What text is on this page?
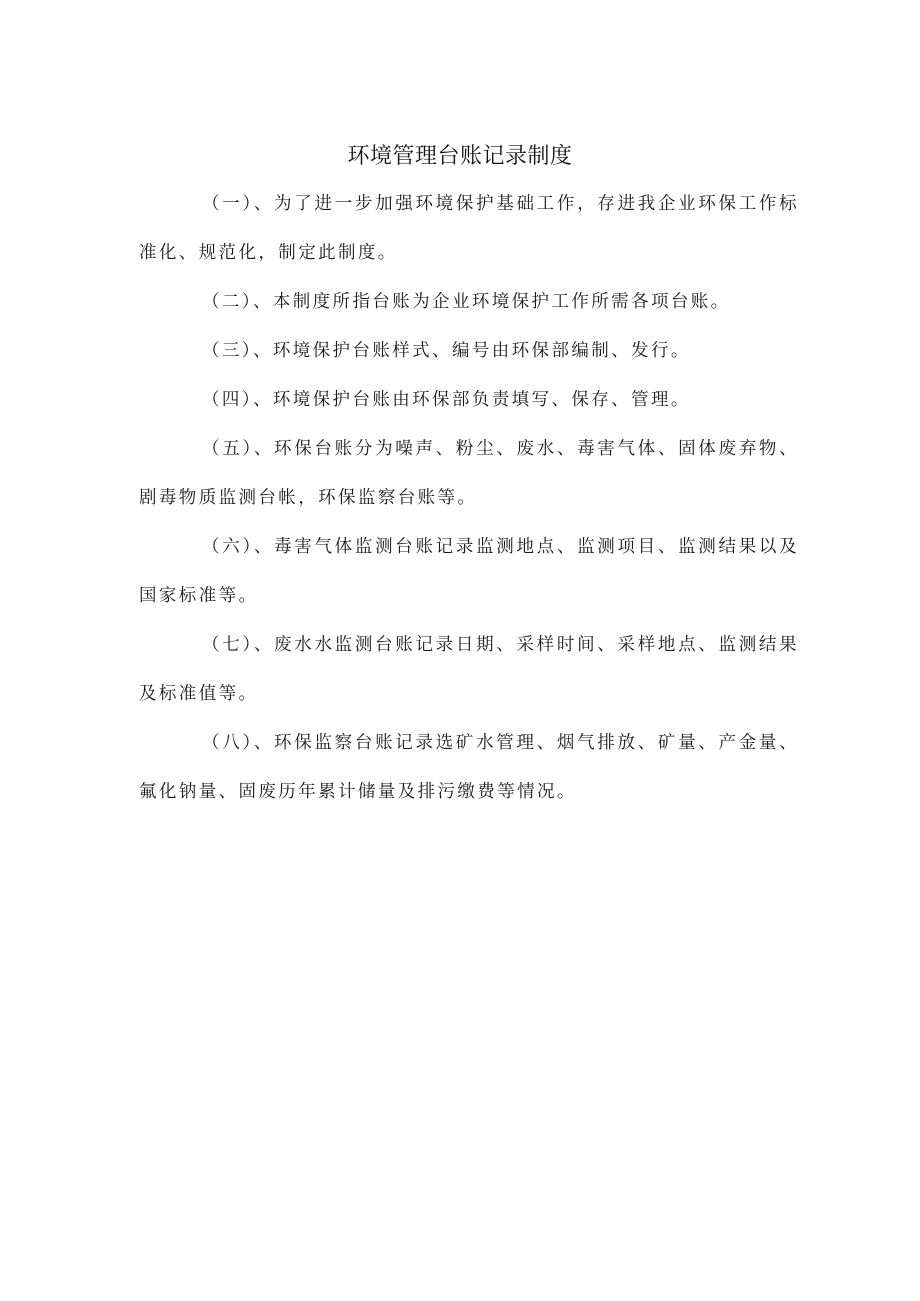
环境管理台账记录制度

（一）、为了进一步加强环境保护基础工作，存进我企业环保工作标准化、规范化，制定此制度。

（二）、本制度所指台账为企业环境保护工作所需各项台账。

（三）、环境保护台账样式、编号由环保部编制、发行。

（四）、环境保护台账由环保部负责填写、保存、管理。

（五）、环保台账分为噪声、粉尘、废水、毒害气体、固体废弃物、剧毒物质监测台帐，环保监察台账等。

（六）、毒害气体监测台账记录监测地点、监测项目、监测结果以及国家标准等。

（七）、废水水监测台账记录日期、采样时间、采样地点、监测结果及标准值等。

（八）、环保监察台账记录选矿水管理、烟气排放、矿量、产金量、氟化钠量、固废历年累计储量及排污缴费等情况。
